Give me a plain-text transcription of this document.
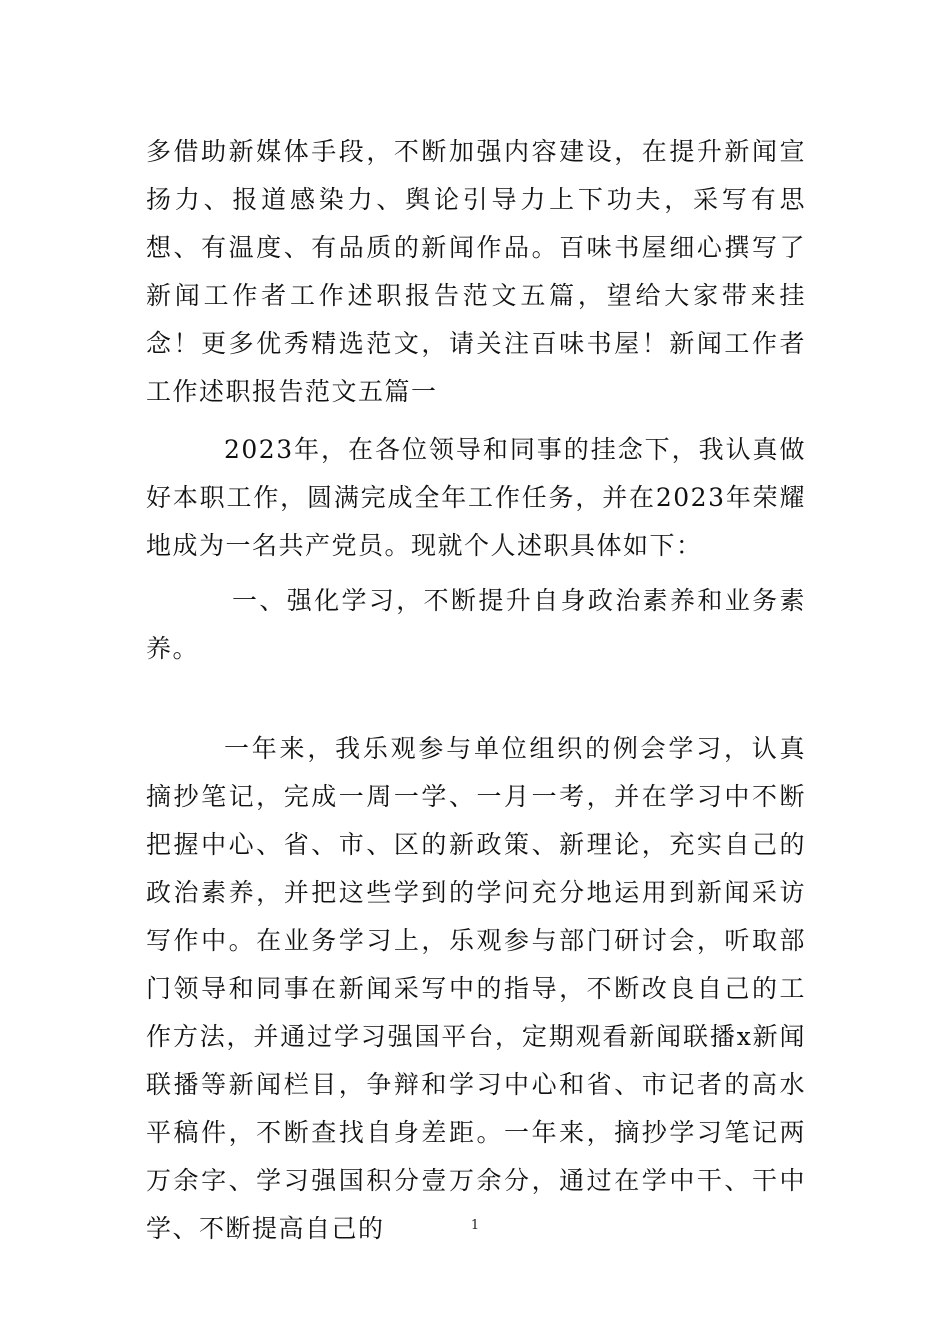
多借助新媒体手段，不断加强内容建设，在提升新闻宣扬力、报道感染力、舆论引导力上下功夫，采写有思想、有温度、有品质的新闻作品。百味书屋细心撰写了新闻工作者工作述职报告范文五篇，望给大家带来挂念！更多优秀精选范文，请关注百味书屋！新闻工作者工作述职报告范文五篇一

2023年，在各位领导和同事的挂念下，我认真做好本职工作，圆满完成全年工作任务，并在2023年荣耀地成为一名共产党员。现就个人述职具体如下：

一、强化学习，不断提升自身政治素养和业务素养。

一年来，我乐观参与单位组织的例会学习，认真摘抄笔记，完成一周一学、一月一考，并在学习中不断把握中心、省、市、区的新政策、新理论，充实自己的政治素养，并把这些学到的学问充分地运用到新闻采访写作中。在业务学习上，乐观参与部门研讨会，听取部门领导和同事在新闻采写中的指导，不断改良自己的工作方法，并通过学习强国平台，定期观看新闻联播x新闻联播等新闻栏目，争辩和学习中心和省、市记者的高水平稿件，不断查找自身差距。一年来，摘抄学习笔记两万余字、学习强国积分壹万余分，通过在学中干、干中学、不断提高自己的	1
